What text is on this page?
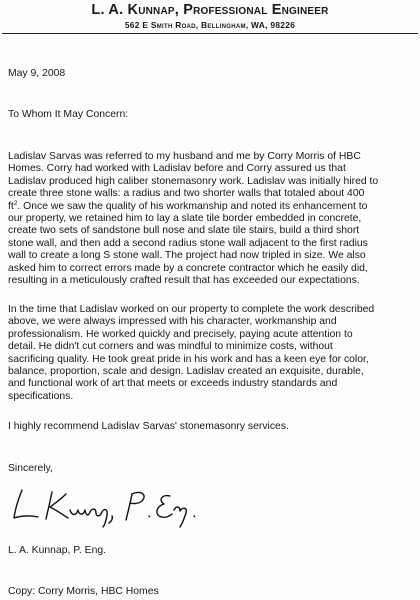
L. A. Kunnap, Professional Engineer
562 E Smith Road, Bellingham, WA, 98226
May 9, 2008
To Whom It May Concern:
Ladislav Sarvas was referred to my husband and me by Corry Morris of HBC
Homes. Corry had worked with Ladislav before and Corry assured us that
Ladislav produced high caliber stonemasonry work. Ladislav was initially hired to
create three stone walls: a radius and two shorter walls that totaled about 400
$ft^2$. Once we saw the quality of his workmanship and noted its enhancement to
our property, we retained him to lay a slate tile border embedded in concrete,
create two sets of sandstone bull nose and slate tile stairs, build a third short
stone wall, and then add a second radius stone wall adjacent to the first radius
wall to create a long S stone wall. The project had now tripled in size. We also
asked him to correct errors made by a concrete contractor which he easily did,
resulting in a meticulously crafted result that has exceeded our expectations.
In the time that Ladislav worked on our property to complete the work described
above, we were always impressed with his character, workmanship and
professionalism. He worked quickly and precisely, paying acute attention to
detail. He didn't cut corners and was mindful to minimize costs, without
sacrificing quality. He took great pride in his work and has a keen eye for color,
balance, proportion, scale and design. Ladislav created an exquisite, durable,
and functional work of art that meets or exceeds industry standards and
specifications.
I highly recommend Ladislav Sarvas' stonemasonry services.
Sincerely,
L. A. Kunnap, P. Eng.
Copy: Corry Morris, HBC Homes
